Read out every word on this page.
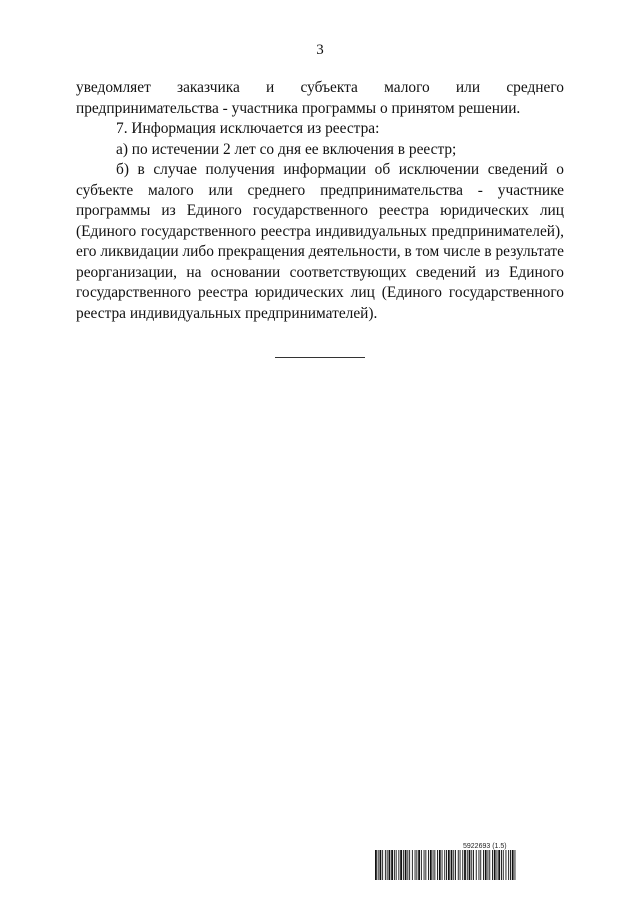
3

уведомляет заказчика и субъекта малого или среднего предпринимательства - участника программы о принятом решении.

7. Информация исключается из реестра:

а) по истечении 2 лет со дня ее включения в реестр;

б) в случае получения информации об исключении сведений о субъекте малого или среднего предпринимательства - участнике программы из Единого государственного реестра юридических лиц (Единого государственного реестра индивидуальных предпринимателей), его ликвидации либо прекращения деятельности, в том числе в результате реорганизации, на основании соответствующих сведений из Единого государственного реестра юридических лиц (Единого государственного реестра индивидуальных предпринимателей).

5922693 (1.5)
